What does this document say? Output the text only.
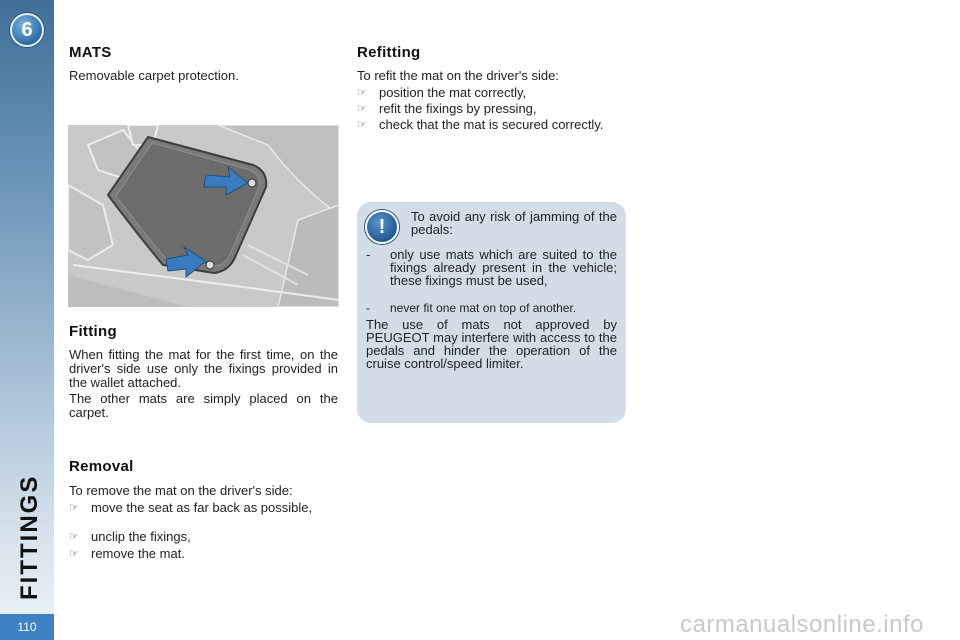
6
FITTINGS
110
MATS

Removable carpet protection.

Fitting

When fitting the mat for the first time, on the driver's side use only the fixings provided in the wallet attached.

The other mats are simply placed on the carpet.

Removal

To remove the mat on the driver's side:

☞ move the seat as far back as possible,
☞ unclip the fixings,
☞ remove the mat.
Refitting

To refit the mat on the driver's side:

☞ position the mat correctly,
☞ refit the fixings by pressing,
☞ check that the mat is secured correctly.
!	To avoid any risk of jamming of the pedals:

-	only use mats which are suited to the fixings already present in the vehicle; these fixings must be used,
-	never fit one mat on top of another.

The use of mats not approved by PEUGEOT may interfere with access to the pedals and hinder the operation of the cruise control/speed limiter.

carmanualsonline.info
